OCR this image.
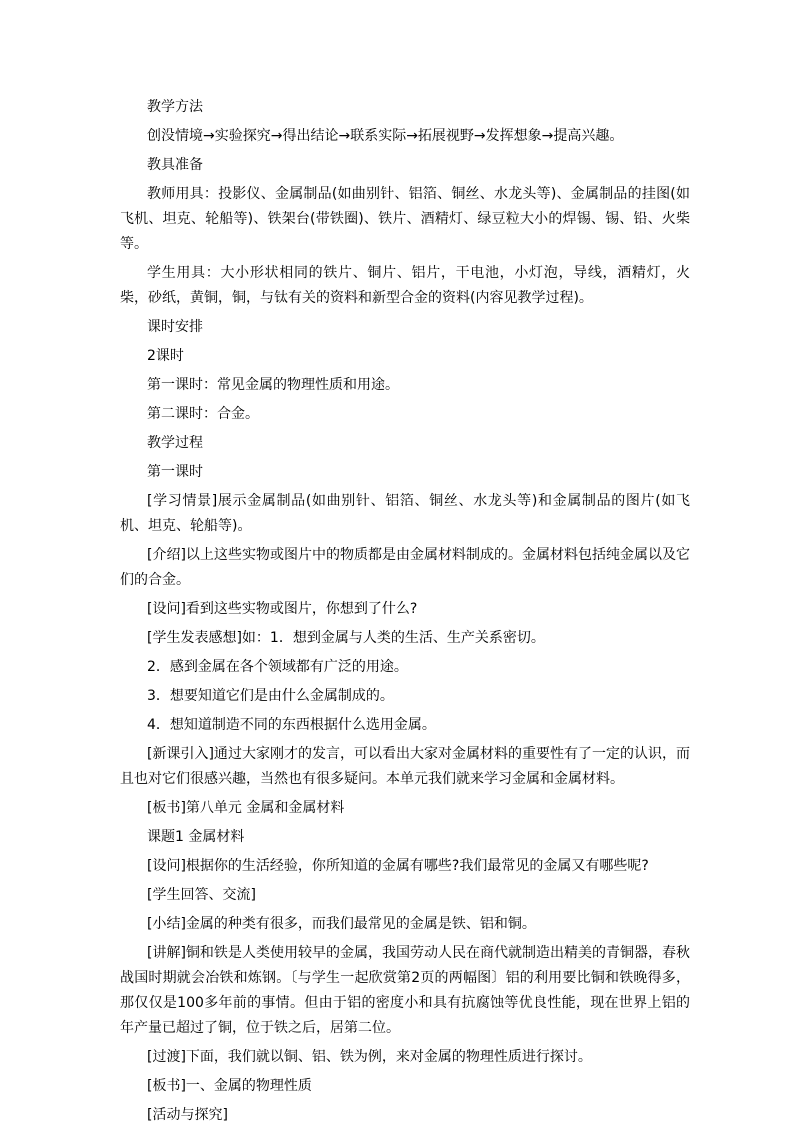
教学方法

创没情境→实验探究→得出结论→联系实际→拓展视野→发挥想象→提高兴趣。

教具准备

教师用具：投影仪、金属制品(如曲别针、铝箔、铜丝、水龙头等)、金属制品的挂图(如飞机、坦克、轮船等)、铁架台(带铁圈)、铁片、酒精灯、绿豆粒大小的焊锡、锡、铅、火柴等。

学生用具：大小形状相同的铁片、铜片、铝片，干电池，小灯泡，导线，酒精灯，火柴，砂纸，黄铜，铜，与钛有关的资料和新型合金的资料(内容见教学过程)。

课时安排

2课时

第一课时：常见金属的物理性质和用途。

第二课时：合金。

教学过程

第一课时

[学习情景]展示金属制品(如曲别针、铝箔、铜丝、水龙头等)和金属制品的图片(如飞机、坦克、轮船等)。

[介绍]以上这些实物或图片中的物质都是由金属材料制成的。金属材料包括纯金属以及它们的合金。

[设问]看到这些实物或图片，你想到了什么?

[学生发表感想]如：1．想到金属与人类的生活、生产关系密切。

2．感到金属在各个领域都有广泛的用途。

3．想要知道它们是由什么金属制成的。

4．想知道制造不同的东西根据什么选用金属。

[新课引入]通过大家刚才的发言，可以看出大家对金属材料的重要性有了一定的认识，而且也对它们很感兴趣，当然也有很多疑问。本单元我们就来学习金属和金属材料。

[板书]第八单元 金属和金属材料

课题1 金属材料

[设问]根据你的生活经验，你所知道的金属有哪些?我们最常见的金属又有哪些呢?

[学生回答、交流]

[小结]金属的种类有很多，而我们最常见的金属是铁、铝和铜。

[讲解]铜和铁是人类使用较早的金属，我国劳动人民在商代就制造出精美的青铜器，春秋战国时期就会冶铁和炼钢。〔与学生一起欣赏第2页的两幅图〕铝的利用要比铜和铁晚得多，那仅仅是100多年前的事情。但由于铝的密度小和具有抗腐蚀等优良性能，现在世界上铝的年产量已超过了铜，位于铁之后，居第二位。

[过渡]下面，我们就以铜、铝、铁为例，来对金属的物理性质进行探讨。

[板书]一、金属的物理性质

[活动与探究]
